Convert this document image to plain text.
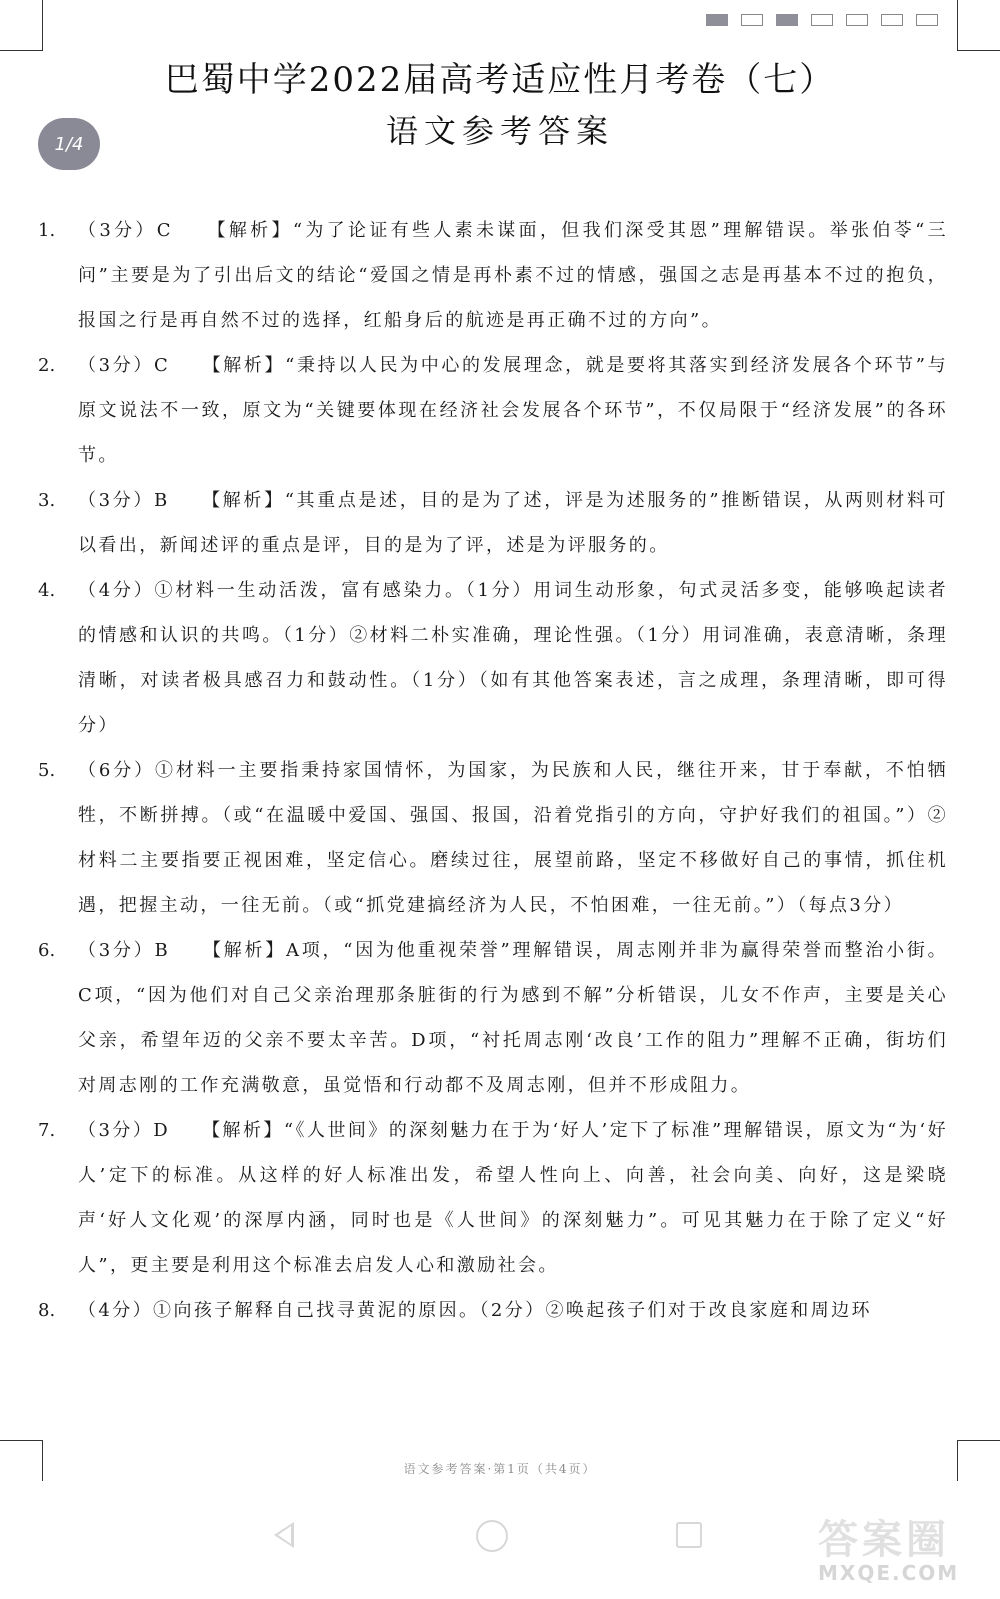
1/4
巴蜀中学2022届高考适应性月考卷（七）
语文参考答案
1.	（3分）C　　【解析】“为了论证有些人素未谋面，但我们深受其恩”理解错误。举张伯苓“三问”主要是为了引出后文的结论“爱国之情是再朴素不过的情感，强国之志是再基本不过的抱负，报国之行是再自然不过的选择，红船身后的航迹是再正确不过的方向”。
2.	（3分）C　　【解析】“秉持以人民为中心的发展理念，就是要将其落实到经济发展各个环节”与原文说法不一致，原文为“关键要体现在经济社会发展各个环节”，不仅局限于“经济发展”的各环节。
3.	（3分）B　　【解析】“其重点是述，目的是为了述，评是为述服务的”推断错误，从两则材料可以看出，新闻述评的重点是评，目的是为了评，述是为评服务的。
4.	（4分）①材料一生动活泼，富有感染力。（1分）用词生动形象，句式灵活多变，能够唤起读者的情感和认识的共鸣。（1分）②材料二朴实准确，理论性强。（1分）用词准确，表意清晰，条理清晰，对读者极具感召力和鼓动性。（1分）（如有其他答案表述，言之成理，条理清晰，即可得分）
5.	（6分）①材料一主要指秉持家国情怀，为国家，为民族和人民，继往开来，甘于奉献，不怕牺牲，不断拼搏。（或“在温暖中爱国、强国、报国，沿着党指引的方向，守护好我们的祖国。”）②材料二主要指要正视困难，坚定信心。磨续过往，展望前路，坚定不移做好自己的事情，抓住机遇，把握主动，一往无前。（或“抓党建搞经济为人民，不怕困难，一往无前。”）（每点3分）
6.	（3分）B　　【解析】A项，“因为他重视荣誉”理解错误，周志刚并非为赢得荣誉而整治小街。C项，“因为他们对自己父亲治理那条脏街的行为感到不解”分析错误，儿女不作声，主要是关心父亲，希望年迈的父亲不要太辛苦。D项，“衬托周志刚‘改良’工作的阻力”理解不正确，街坊们对周志刚的工作充满敬意，虽觉悟和行动都不及周志刚，但并不形成阻力。
7.	（3分）D　　【解析】“《人世间》的深刻魅力在于为‘好人’定下了标准”理解错误，原文为“为‘好人’定下的标准。从这样的好人标准出发，希望人性向上、向善，社会向美、向好，这是梁晓声‘好人文化观’的深厚内涵，同时也是《人世间》的深刻魅力”。可见其魅力在于除了定义“好人”，更主要是利用这个标准去启发人心和激励社会。
8.	（4分）①向孩子解释自己找寻黄泥的原因。（2分）②唤起孩子们对于改良家庭和周边环
语文参考答案·第1页（共4页）
答案圈
MXQE.COM
